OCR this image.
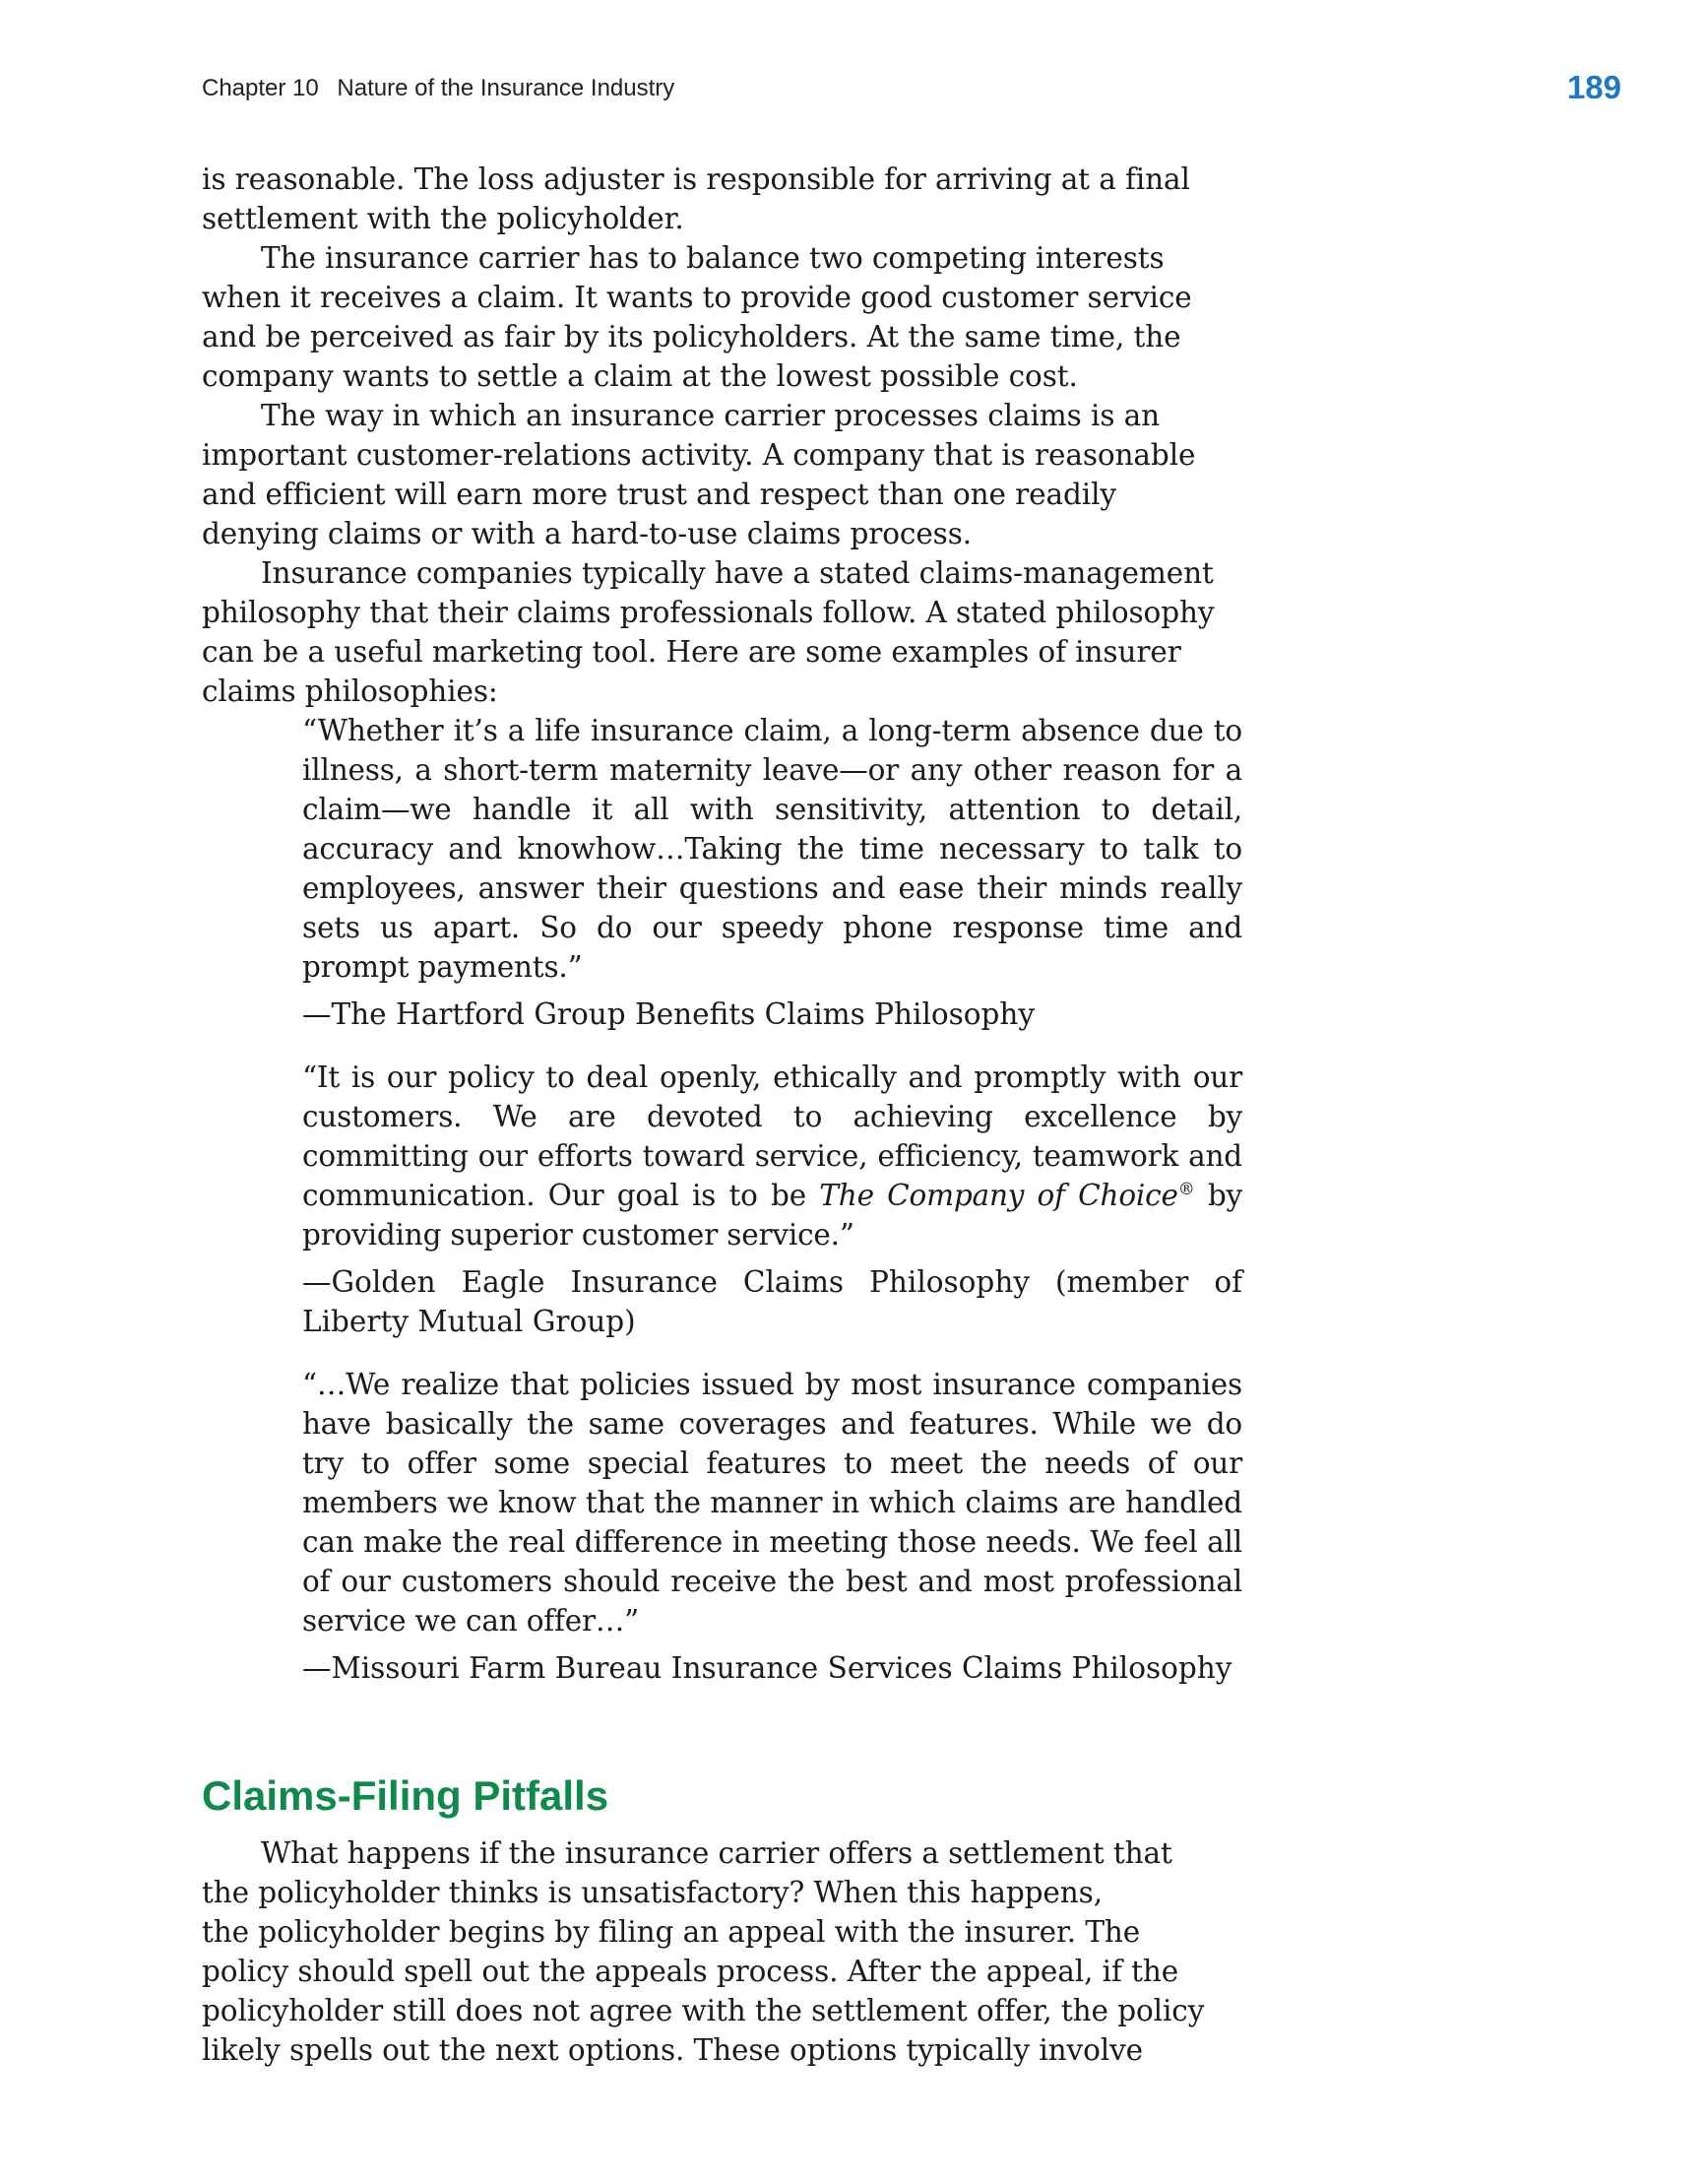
Chapter 10 Nature of the Insurance Industry	189

is reasonable. The loss adjuster is responsible for arriving at a final
settlement with the policyholder.

The insurance carrier has to balance two competing interests
when it receives a claim. It wants to provide good customer service
and be perceived as fair by its policyholders. At the same time, the
company wants to settle a claim at the lowest possible cost.

The way in which an insurance carrier processes claims is an
important customer-relations activity. A company that is reasonable
and efficient will earn more trust and respect than one readily
denying claims or with a hard-to-use claims process.

Insurance companies typically have a stated claims-management
philosophy that their claims professionals follow. A stated philosophy
can be a useful marketing tool. Here are some examples of insurer
claims philosophies:

“Whether it’s a life insurance claim, a long-term absence due to illness, a short-term maternity leave—or any other reason for a claim—we handle it all with sensitivity, attention to detail, accuracy and knowhow…Taking the time necessary to talk to employees, answer their questions and ease their minds really sets us apart. So do our speedy phone response time and prompt payments.”

—The Hartford Group Benefits Claims Philosophy

“It is our policy to deal openly, ethically and promptly with our customers. We are devoted to achieving excellence by committing our efforts toward service, efficiency, teamwork and communication. Our goal is to be The Company of Choice® by providing superior customer service.”

—Golden Eagle Insurance Claims Philosophy (member of Liberty Mutual Group)

“…We realize that policies issued by most insurance companies have basically the same coverages and features. While we do try to offer some special features to meet the needs of our members we know that the manner in which claims are handled can make the real difference in meeting those needs. We feel all of our customers should receive the best and most professional service we can offer…”

—Missouri Farm Bureau Insurance Services Claims Philosophy

Claims-Filing Pitfalls

What happens if the insurance carrier offers a settlement that
the policyholder thinks is unsatisfactory? When this happens,
the policyholder begins by filing an appeal with the insurer. The
policy should spell out the appeals process. After the appeal, if the
policyholder still does not agree with the settlement offer, the policy
likely spells out the next options. These options typically involve
